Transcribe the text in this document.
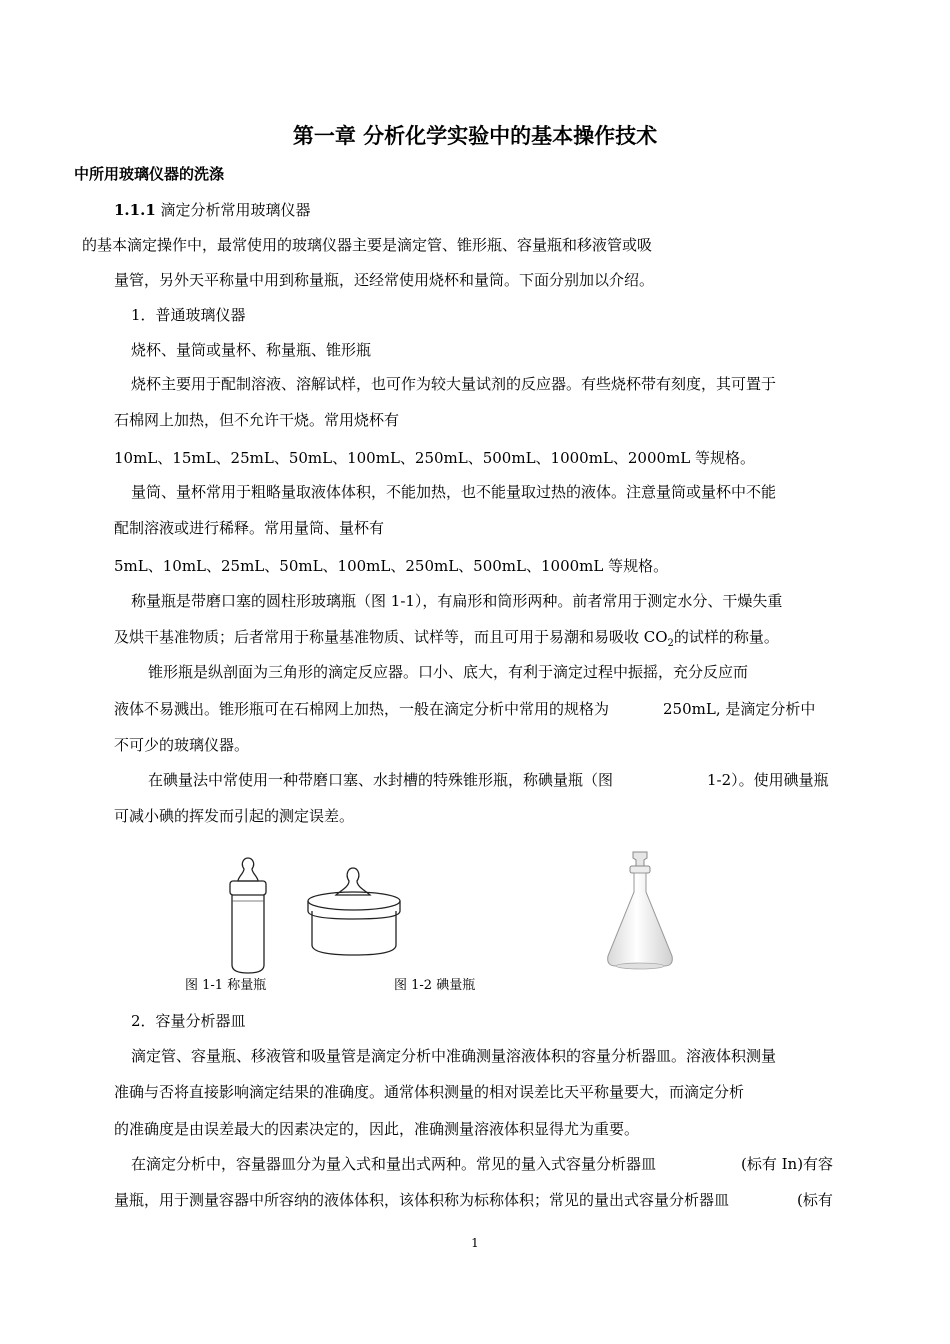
第一章 分析化学实验中的基本操作技术
中所用玻璃仪器的洗涤
1.1.1 滴定分析常用玻璃仪器
的基本滴定操作中，最常使用的玻璃仪器主要是滴定管、锥形瓶、容量瓶和移液管或吸
量管，另外天平称量中用到称量瓶，还经常使用烧杯和量筒。下面分别加以介绍。
1．普通玻璃仪器
烧杯、量筒或量杯、称量瓶、锥形瓶
烧杯主要用于配制溶液、溶解试样，也可作为较大量试剂的反应器。有些烧杯带有刻度，其可置于
石棉网上加热，但不允许干烧。常用烧杯有
10mL、15mL、25mL、50mL、100mL、250mL、500mL、1000mL、2000mL 等规格。
量筒、量杯常用于粗略量取液体体积，不能加热，也不能量取过热的液体。注意量筒或量杯中不能
配制溶液或进行稀释。常用量筒、量杯有
5mL、10mL、25mL、50mL、100mL、250mL、500mL、1000mL 等规格。
称量瓶是带磨口塞的圆柱形玻璃瓶（图 1-1），有扁形和筒形两种。前者常用于测定水分、干燥失重
及烘干基准物质；后者常用于称量基准物质、试样等，而且可用于易潮和易吸收 $CO_2$的试样的称量。
锥形瓶是纵剖面为三角形的滴定反应器。口小、底大，有利于滴定过程中振摇，充分反应而
液体不易溅出。锥形瓶可在石棉网上加热，一般在滴定分析中常用的规格为	250mL, 是滴定分析中
不可少的玻璃仪器。
在碘量法中常使用一种带磨口塞、水封槽的特殊锥形瓶，称碘量瓶（图	1-2）。使用碘量瓶
可减小碘的挥发而引起的测定误差。
图 1-1 称量瓶	图 1-2 碘量瓶
2．容量分析器皿
滴定管、容量瓶、移液管和吸量管是滴定分析中准确测量溶液体积的容量分析器皿。溶液体积测量
准确与否将直接影响滴定结果的准确度。通常体积测量的相对误差比天平称量要大，而滴定分析
的准确度是由误差最大的因素决定的，因此，准确测量溶液体积显得尤为重要。
在滴定分析中，容量器皿分为量入式和量出式两种。常见的量入式容量分析器皿	(标有 In)有容
量瓶，用于测量容器中所容纳的液体体积，该体积称为标称体积；常见的量出式容量分析器皿	(标有
1
